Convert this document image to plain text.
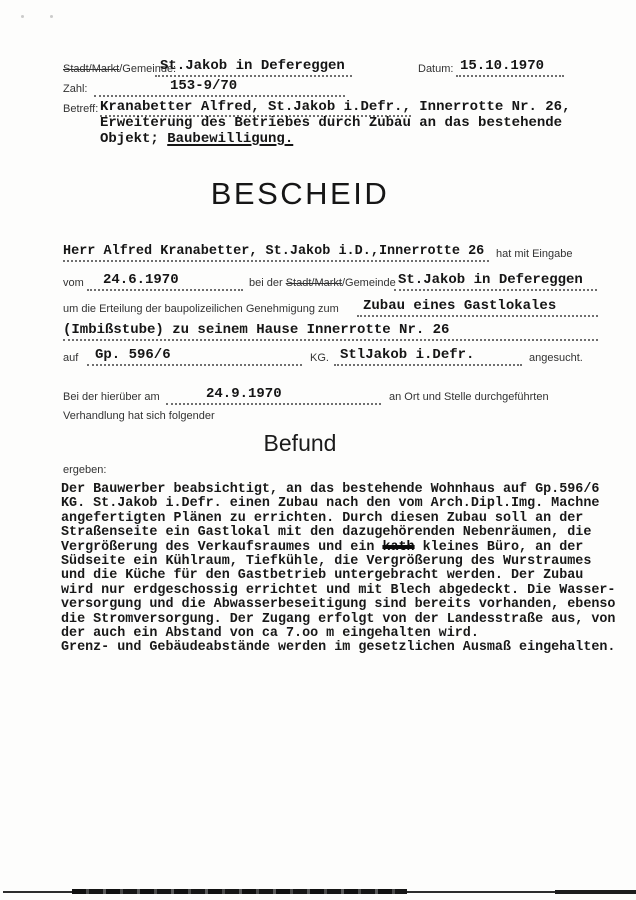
Stadt/Markt/Gemeinde:
St.Jakob in Defereggen	Datum: 15.10.1970
Zahl:	153-9/70
Betreff: Kranabetter Alfred, St.Jakob i.Defr., Innerrotte Nr. 26,
Erweiterung des Betriebes durch Zubau an das bestehende
Objekt; Baubewilligung.
BESCHEID
Herr Alfred Kranabetter, St.Jakob i.D.,Innerrotte 26 hat mit Eingabe
vom 24.6.1970	bei der Stadt/Markt/Gemeinde St.Jakob in Defereggen
um die Erteilung der baupolizeilichen Genehmigung zum Zubau eines Gastlokales
(Imbißstube) zu seinem Hause Innerrotte Nr. 26
auf Gp. 596/6	KG. StlJakob i.Defr.	angesucht.
Bei der hierüber am	24.9.1970	an Ort und Stelle durchgeführten
Verhandlung hat sich folgender
Befund
ergeben:
Der Bauwerber beabsichtigt, an das bestehende Wohnhaus auf Gp.596/6
KG. St.Jakob i.Defr. einen Zubau nach den vom Arch.Dipl.Img. Machne
angefertigten Plänen zu errichten. Durch diesen Zubau soll an der
Straßenseite ein Gastlokal mit den dazugehörenden Nebenräumen, die
Vergrößerung des Verkaufsraumes und ein kath kleines Büro, an der
Südseite ein Kühlraum, Tiefkühle, die Vergrößerung des Wurstraumes
und die Küche für den Gastbetrieb untergebracht werden. Der Zubau
wird nur erdgeschossig errichtet und mit Blech abgedeckt. Die Wasser-
versorgung und die Abwasserbeseitigung sind bereits vorhanden, ebenso
die Stromversorgung. Der Zugang erfolgt von der Landesstraße aus, von
der auch ein Abstand von ca 7.oo m eingehalten wird.
Grenz- und Gebäudeabstände werden im gesetzlichen Ausmaß eingehalten.
